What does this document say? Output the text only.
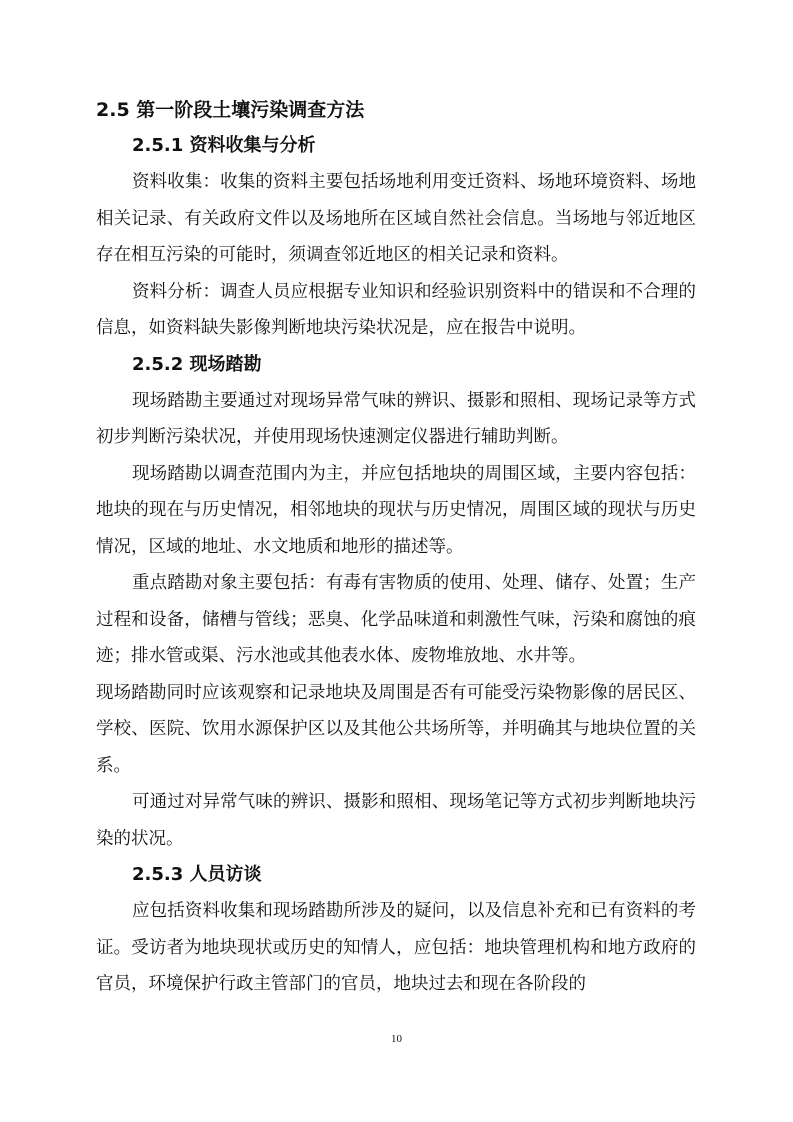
2.5 第一阶段土壤污染调查方法
2.5.1 资料收集与分析

资料收集：收集的资料主要包括场地利用变迁资料、场地环境资料、场地相关记录、有关政府文件以及场地所在区域自然社会信息。当场地与邻近地区存在相互污染的可能时，须调查邻近地区的相关记录和资料。

资料分析：调查人员应根据专业知识和经验识别资料中的错误和不合理的信息，如资料缺失影像判断地块污染状况是，应在报告中说明。

2.5.2 现场踏勘

现场踏勘主要通过对现场异常气味的辨识、摄影和照相、现场记录等方式初步判断污染状况，并使用现场快速测定仪器进行辅助判断。

现场踏勘以调查范围内为主，并应包括地块的周围区域，主要内容包括：地块的现在与历史情况，相邻地块的现状与历史情况，周围区域的现状与历史情况，区域的地址、水文地质和地形的描述等。

重点踏勘对象主要包括：有毒有害物质的使用、处理、储存、处置；生产过程和设备，储槽与管线；恶臭、化学品味道和刺激性气味，污染和腐蚀的痕迹；排水管或渠、污水池或其他表水体、废物堆放地、水井等。

现场踏勘同时应该观察和记录地块及周围是否有可能受污染物影像的居民区、学校、医院、饮用水源保护区以及其他公共场所等，并明确其与地块位置的关系。

可通过对异常气味的辨识、摄影和照相、现场笔记等方式初步判断地块污染的状况。

2.5.3 人员访谈

应包括资料收集和现场踏勘所涉及的疑问，以及信息补充和已有资料的考证。受访者为地块现状或历史的知情人，应包括：地块管理机构和地方政府的官员，环境保护行政主管部门的官员，地块过去和现在各阶段的

10
